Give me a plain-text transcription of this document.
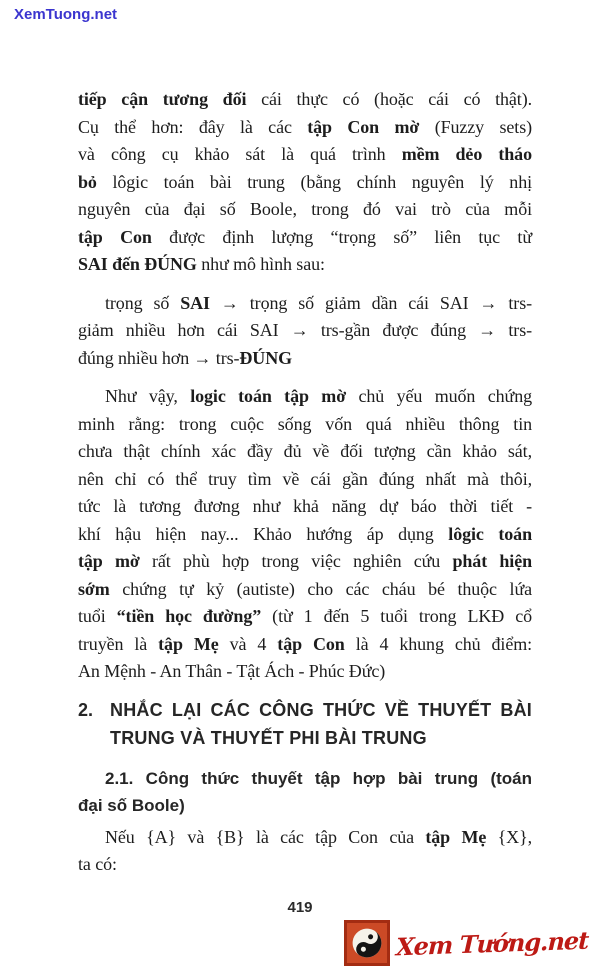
XemTuong.net
tiếp cận tương đối cái thực có (hoặc cái có thật).
Cụ thể hơn: đây là các tập Con mờ (Fuzzy sets)
và công cụ khảo sát là quá trình mềm dẻo tháo
bỏ lôgic toán bài trung (bằng chính nguyên lý nhị
nguyên của đại số Boole, trong đó vai trò của mỗi
tập Con được định lượng “trọng số” liên tục từ
SAI đến ĐÚNG như mô hình sau:
trọng số SAI → trọng số giảm dần cái SAI → trs-
giảm nhiều hơn cái SAI → trs-gần được đúng → trs-
đúng nhiều hơn → trs-ĐÚNG
Như vậy, logic toán tập mờ chủ yếu muốn chứng
minh rằng: trong cuộc sống vốn quá nhiều thông tin
chưa thật chính xác đầy đủ về đối tượng cần khảo sát,
nên chỉ có thể truy tìm về cái gần đúng nhất mà thôi,
tức là tương đương như khả năng dự báo thời tiết -
khí hậu hiện nay... Khảo hướng áp dụng lôgic toán
tập mờ rất phù hợp trong việc nghiên cứu phát hiện
sớm chứng tự kỷ (autiste) cho các cháu bé thuộc lứa
tuổi “tiền học đường” (từ 1 đến 5 tuổi trong LKĐ cổ
truyền là tập Mẹ và 4 tập Con là 4 khung chủ điểm:
An Mệnh - An Thân - Tật Ách - Phúc Đức)
2. NHẮC LẠI CÁC CÔNG THỨC VỀ THUYẾT BÀI
TRUNG VÀ THUYẾT PHI BÀI TRUNG
2.1. Công thức thuyết tập hợp bài trung (toán
đại số Boole)
Nếu {A} và {B} là các tập Con của tập Mẹ {X},
ta có:
419
Xem Tướng.net
